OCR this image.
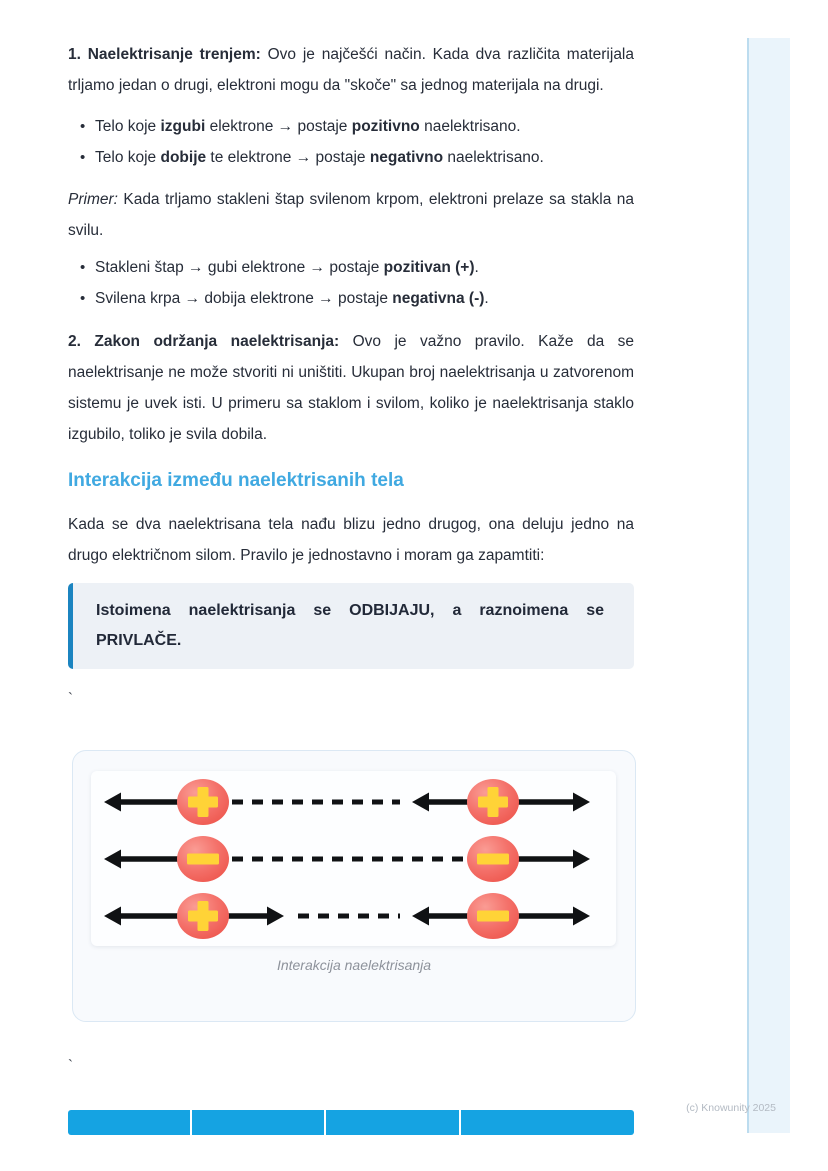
1. Naelektrisanje trenjem: Ovo je najčešći način. Kada dva različita materijala trljamo jedan o drugi, elektroni mogu da "skoče" sa jednog materijala na drugi.
• Telo koje izgubi elektrone → postaje pozitivno naelektrisano.
• Telo koje dobije te elektrone → postaje negativno naelektrisano.
Primer: Kada trljamo stakleni štap svilenom krpom, elektroni prelaze sa stakla na svilu.
• Stakleni štap → gubi elektrone → postaje pozitivan (+).
• Svilena krpa → dobija elektrone → postaje negativna (-).
2. Zakon održanja naelektrisanja: Ovo je važno pravilo. Kaže da se naelektrisanje ne može stvoriti ni uništiti. Ukupan broj naelektrisanja u zatvorenom sistemu je uvek isti. U primeru sa staklom i svilom, koliko je naelektrisanja staklo izgubilo, toliko je svila dobila.
Interakcija između naelektrisanih tela
Kada se dva naelektrisana tela nađu blizu jedno drugog, ona deluju jedno na drugo električnom silom. Pravilo je jednostavno i moram ga zapamtiti:
Istoimena naelektrisanja se ODBIJAJU, a raznoimena se PRIVLAČE.
`
Interakcija naelektrisanja
`
(c) Knowunity 2025
